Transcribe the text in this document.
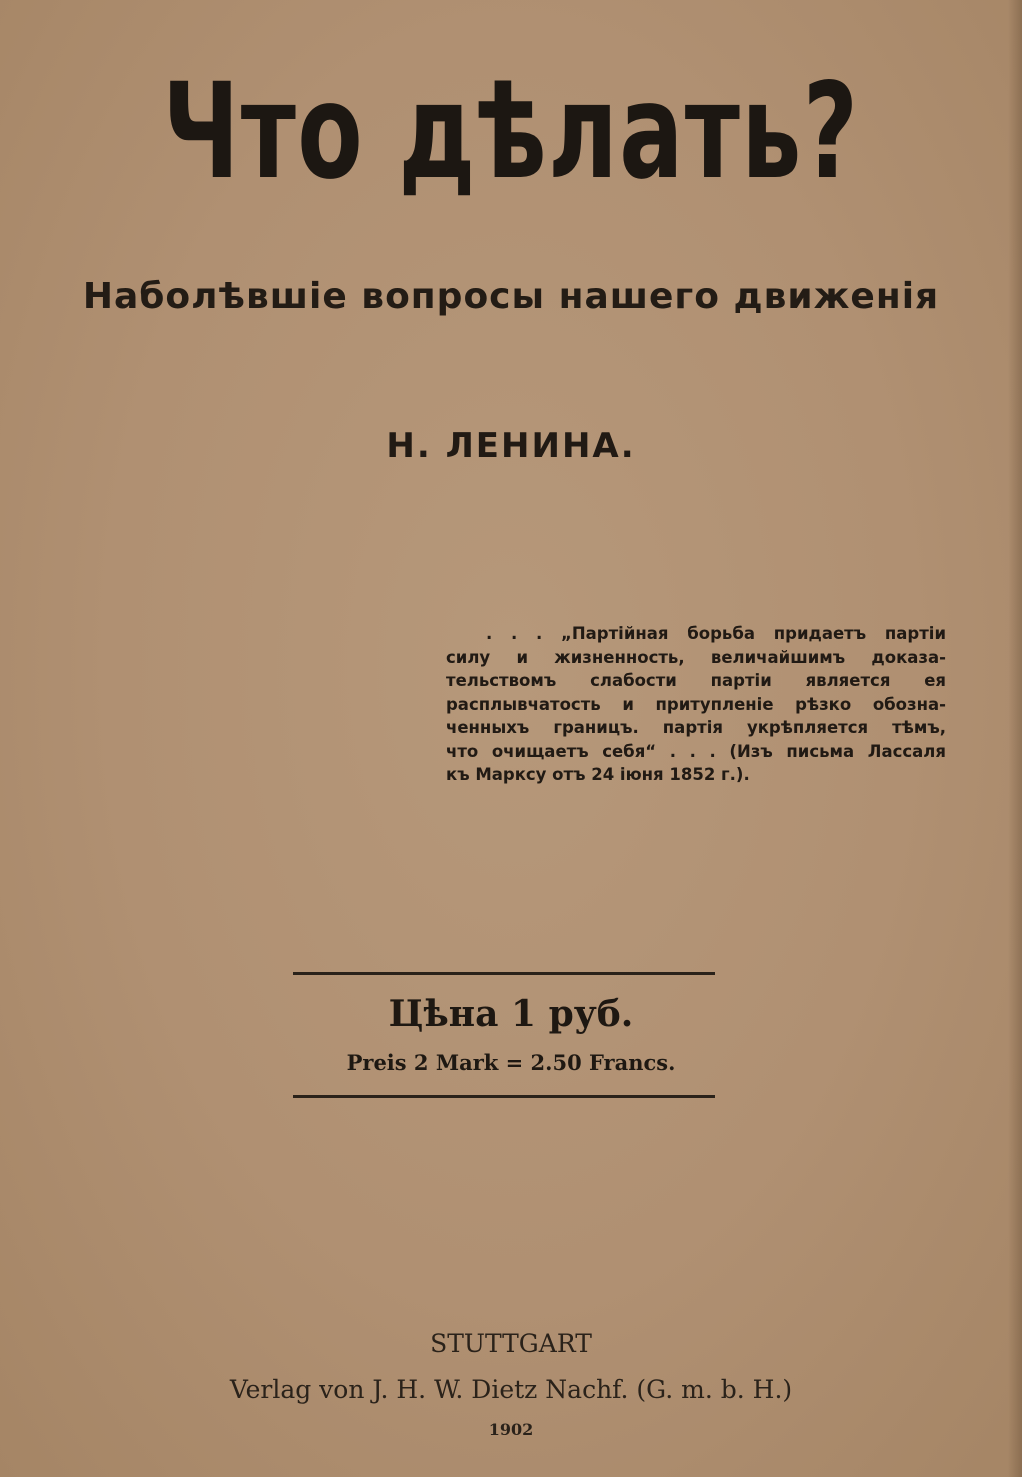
Что дѣлать?
Наболѣвшіе вопросы нашего движенія
Н. ЛЕНИНА.
. . . „Партійная борьба придаетъ партіи
силу и жизненность, величайшимъ доказа-
тельствомъ слабости партіи является ея
расплывчатость и притупленіе рѣзко обозна-
ченныхъ границъ. партія укрѣпляется тѣмъ,
что очищаетъ себя“ . . . (Изъ письма Лассаля
къ Марксу отъ 24 іюня 1852 г.).
Цѣна 1 руб.
Preis 2 Mark = 2.50 Francs.
STUTTGART
Verlag von J. H. W. Dietz Nachf. (G. m. b. H.)
1902
